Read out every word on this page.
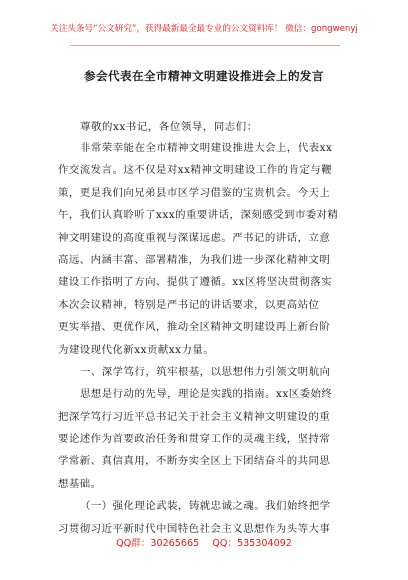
关注头条号“公文研究”，获得最新最全最专业的公文资料库！ 微信：gongwenyj
参会代表在全市精神文明建设推进会上的发言
尊敬的xx书记，各位领导，同志们：
非常荣幸能在全市精神文明建设推进大会上，代表xx
作交流发言。这不仅是对xx精神文明建设工作的肯定与鞭
策，更是我们向兄弟县市区学习借鉴的宝贵机会。今天上
午，我们认真聆听了xxx的重要讲话，深刻感受到市委对精
神文明建设的高度重视与深谋远虑。严书记的讲话，立意
高远、内涵丰富、部署精准，为我们进一步深化精神文明
建设工作指明了方向、提供了遵循。xx区将坚决贯彻落实
本次会议精神，特别是严书记的讲话要求，以更高站位
更实举措、更优作风，推动全区精神文明建设再上新台阶
为建设现代化新xx贡献xx力量。
一、深学笃行，筑牢根基，以思想伟力引领文明航向
思想是行动的先导，理论是实践的指南。xx区委始终
把深学笃行习近平总书记关于社会主义精神文明建设的重
要论述作为首要政治任务和贯穿工作的灵魂主线，坚持常
学常新、真信真用，不断夯实全区上下团结奋斗的共同思
想基础。
（一）强化理论武装，铸就忠诚之魂。我们始终把学
习贯彻习近平新时代中国特色社会主义思想作为头等大事
QQ群：30265665 QQ：535304092
